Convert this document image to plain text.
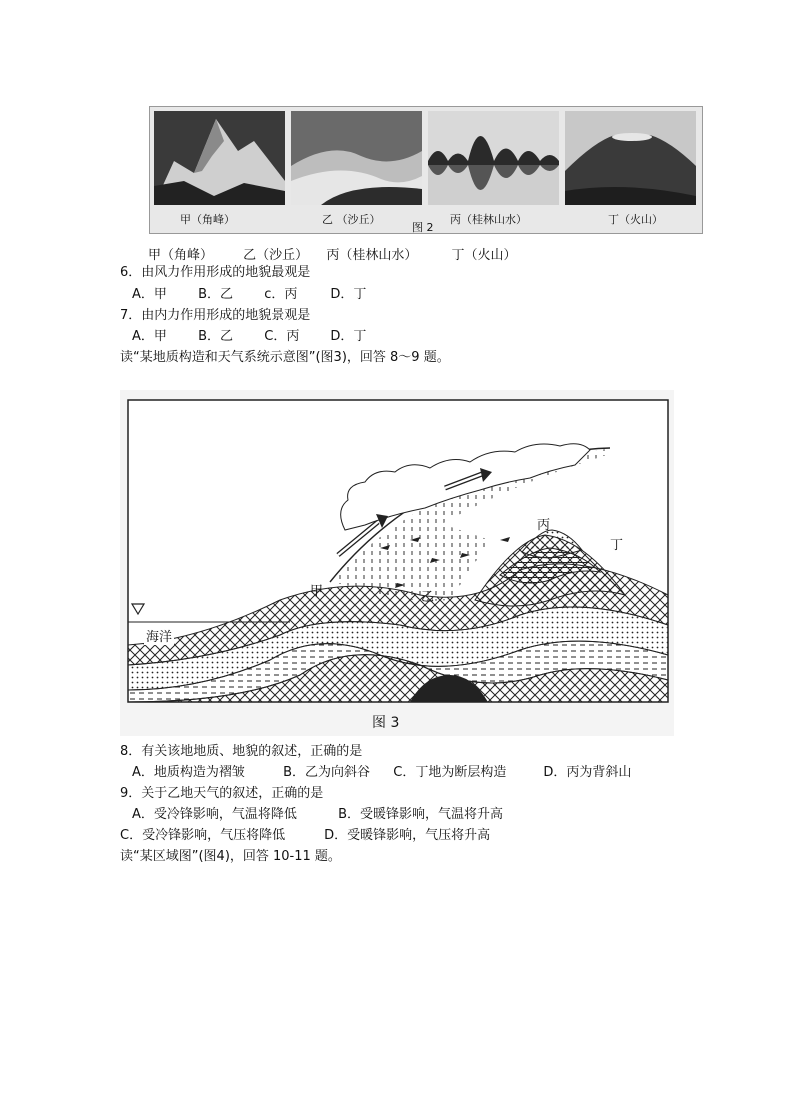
甲（角峰）	乙 （沙丘）	丙（桂林山水）	丁（火山）
图 2
甲（角峰） 乙（沙丘） 丙（桂林山水）	丁（火山）
6．由风力作用形成的地貌最观是
A．甲 B．乙 c．丙	D．丁
7．由内力作用形成的地貌景观是
A．甲 B．乙 C．丙 D．丁
读“某地质构造和天气系统示意图”(图3)，回答 8～9 题。
甲	乙
丙
丁
海洋
图 3
8．有关该地地质、地貌的叙述，正确的是
A．地质构造为褶皱	B．乙为向斜谷 C．丁地为断层构造	D．丙为背斜山
9．关于乙地天气的叙述，正确的是
A．受冷锋影响，气温将降低	B．受暖锋影响，气温将升高
C．受冷锋影响，气压将降低	D．受暖锋影响，气压将升高
读“某区域图”(图4)，回答 10-11 题。
